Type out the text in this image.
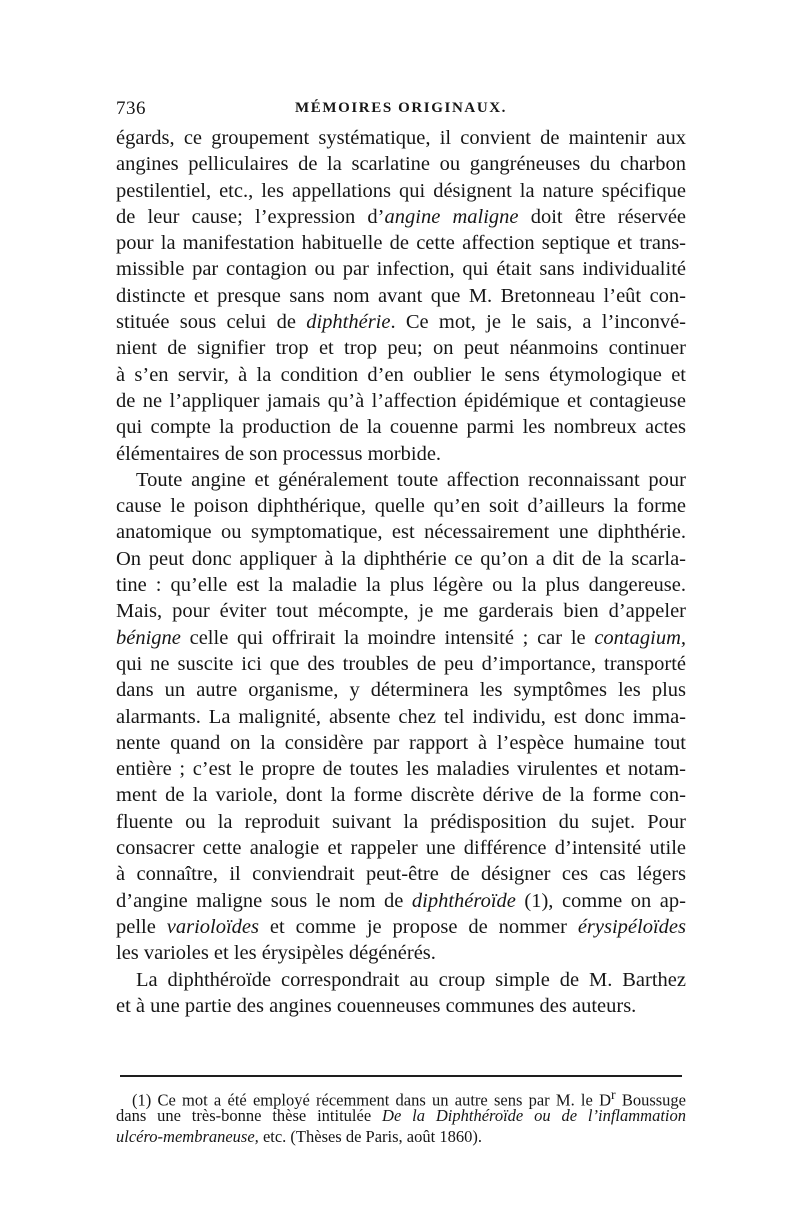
736	MÉMOIRES ORIGINAUX.
égards, ce groupement systématique, il convient de maintenir aux
angines pelliculaires de la scarlatine ou gangréneuses du charbon
pestilentiel, etc., les appellations qui désignent la nature spécifique
de leur cause; l’expression d’angine maligne doit être réservée
pour la manifestation habituelle de cette affection septique et trans-
missible par contagion ou par infection, qui était sans individualité
distincte et presque sans nom avant que M. Bretonneau l’eût con-
stituée sous celui de diphthérie. Ce mot, je le sais, a l’inconvé-
nient de signifier trop et trop peu; on peut néanmoins continuer
à s’en servir, à la condition d’en oublier le sens étymologique et
de ne l’appliquer jamais qu’à l’affection épidémique et contagieuse
qui compte la production de la couenne parmi les nombreux actes
élémentaires de son processus morbide.
Toute angine et généralement toute affection reconnaissant pour
cause le poison diphthérique, quelle qu’en soit d’ailleurs la forme
anatomique ou symptomatique, est nécessairement une diphthérie.
On peut donc appliquer à la diphthérie ce qu’on a dit de la scarla-
tine : qu’elle est la maladie la plus légère ou la plus dangereuse.
Mais, pour éviter tout mécompte, je me garderais bien d’appeler
bénigne celle qui offrirait la moindre intensité ; car le contagium,
qui ne suscite ici que des troubles de peu d’importance, transporté
dans un autre organisme, y déterminera les symptômes les plus
alarmants. La malignité, absente chez tel individu, est donc imma-
nente quand on la considère par rapport à l’espèce humaine tout
entière ; c’est le propre de toutes les maladies virulentes et notam-
ment de la variole, dont la forme discrète dérive de la forme con-
fluente ou la reproduit suivant la prédisposition du sujet. Pour
consacrer cette analogie et rappeler une différence d’intensité utile
à connaître, il conviendrait peut-être de désigner ces cas légers
d’angine maligne sous le nom de diphthéroïde (1), comme on ap-
pelle varioloïdes et comme je propose de nommer érysipéloïdes
les varioles et les érysipèles dégénérés.
La diphthéroïde correspondrait au croup simple de M. Barthez
et à une partie des angines couenneuses communes des auteurs.
(1) Ce mot a été employé récemment dans un autre sens par M. le $D^r$ Boussuge
dans une très-bonne thèse intitulée De la Diphthéroïde ou de l’inflammation
ulcéro-membraneuse, etc. (Thèses de Paris, août 1860).
